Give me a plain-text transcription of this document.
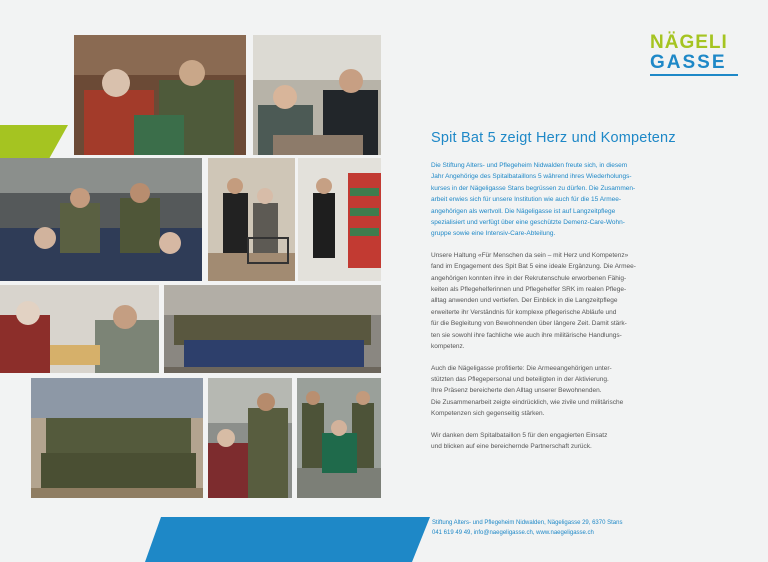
NÄGELI
GASSE
Spit Bat 5 zeigt Herz und Kompetenz

Die Stiftung Alters- und Pflegeheim Nidwalden freute sich, in diesem
Jahr Angehörige des Spitalbataillons 5 während ihres Wiederholungs-
kurses in der Nägeligasse Stans begrüssen zu dürfen. Die Zusammen-
arbeit erwies sich für unsere Institution wie auch für die 15 Armee-
angehörigen als wertvoll. Die Nägeligasse ist auf Langzeitpflege
spezialisiert und verfügt über eine geschützte Demenz-Care-Wohn-
gruppe sowie eine Intensiv-Care-Abteilung.

Unsere Haltung «Für Menschen da sein – mit Herz und Kompetenz»
fand im Engagement des Spit Bat 5 eine ideale Ergänzung. Die Armee-
angehörigen konnten ihre in der Rekrutenschule erworbenen Fähig-
keiten als Pflegehelferinnen und Pflegehelfer SRK im realen Pflege-
alltag anwenden und vertiefen. Der Einblick in die Langzeitpflege
erweiterte ihr Verständnis für komplexe pflegerische Abläufe und
für die Begleitung von Bewohnenden über längere Zeit. Damit stärk-
ten sie sowohl ihre fachliche wie auch ihre militärische Handlungs-
kompetenz.

Auch die Nägeligasse profitierte: Die Armeeangehörigen unter-
stützten das Pflegepersonal und beteiligten in der Aktivierung.
Ihre Präsenz bereicherte den Alltag unserer Bewohnenden.
Die Zusammenarbeit zeigte eindrücklich, wie zivile und militärische
Kompetenzen sich gegenseitig stärken.

Wir danken dem Spitalbataillon 5 für den engagierten Einsatz
und blicken auf eine bereichernde Partnerschaft zurück.

Stiftung Alters- und Pflegeheim Nidwalden, Nägeligasse 29, 6370 Stans
041 619 49 49, info@naegeligasse.ch, www.naegeligasse.ch
